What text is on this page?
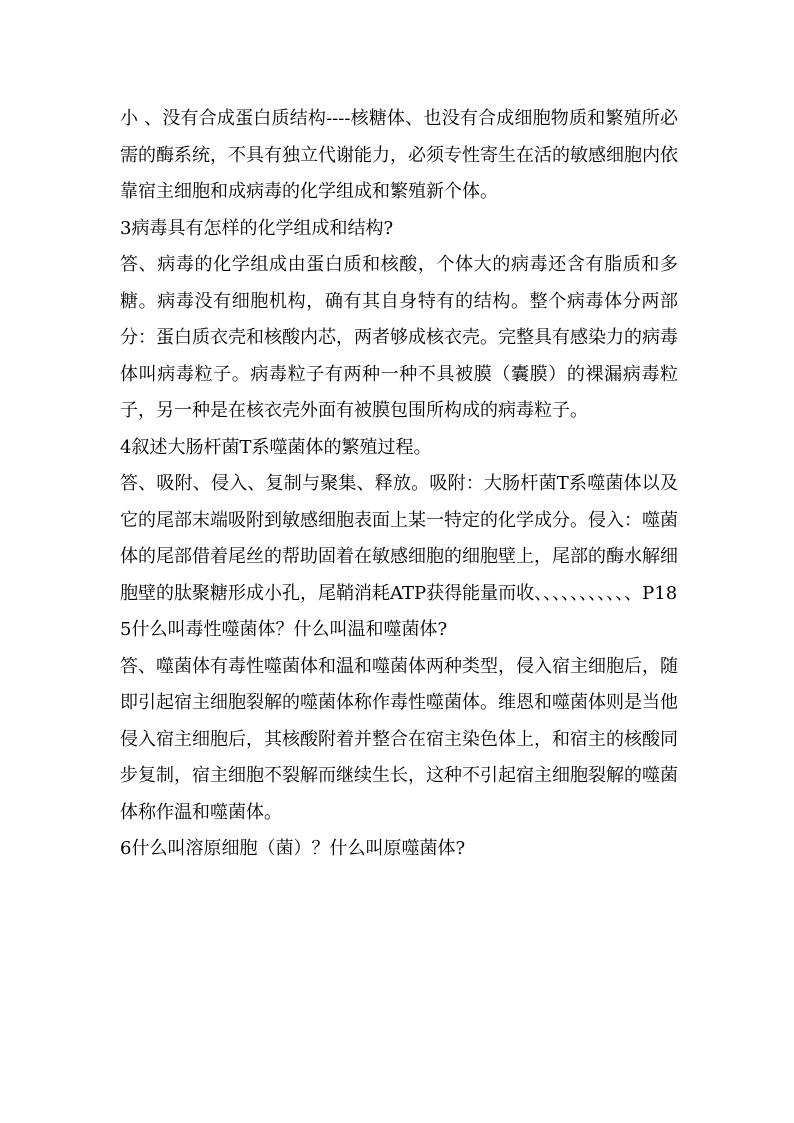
小 、没有合成蛋白质结构----核糖体、也没有合成细胞物质和繁殖所必需的酶系统，不具有独立代谢能力，必须专性寄生在活的敏感细胞内依靠宿主细胞和成病毒的化学组成和繁殖新个体。

3病毒具有怎样的化学组成和结构?

答、病毒的化学组成由蛋白质和核酸，个体大的病毒还含有脂质和多糖。病毒没有细胞机构，确有其自身特有的结构。整个病毒体分两部分：蛋白质衣壳和核酸内芯，两者够成核衣壳。完整具有感染力的病毒体叫病毒粒子。病毒粒子有两种一种不具被膜（囊膜）的裸漏病毒粒子，另一种是在核衣壳外面有被膜包围所构成的病毒粒子。

4叙述大肠杆菌T系噬菌体的繁殖过程。

答、吸附、侵入、复制与聚集、释放。吸附：大肠杆菌T系噬菌体以及它的尾部末端吸附到敏感细胞表面上某一特定的化学成分。侵入：噬菌体的尾部借着尾丝的帮助固着在敏感细胞的细胞壁上，尾部的酶水解细胞壁的肽聚糖形成小孔，尾鞘消耗ATP获得能量而收、、、、、、、、、、、P18

5什么叫毒性噬菌体？什么叫温和噬菌体?

答、噬菌体有毒性噬菌体和温和噬菌体两种类型，侵入宿主细胞后，随即引起宿主细胞裂解的噬菌体称作毒性噬菌体。维恩和噬菌体则是当他侵入宿主细胞后，其核酸附着并整合在宿主染色体上，和宿主的核酸同步复制，宿主细胞不裂解而继续生长，这种不引起宿主细胞裂解的噬菌体称作温和噬菌体。

6什么叫溶原细胞（菌）？什么叫原噬菌体?
